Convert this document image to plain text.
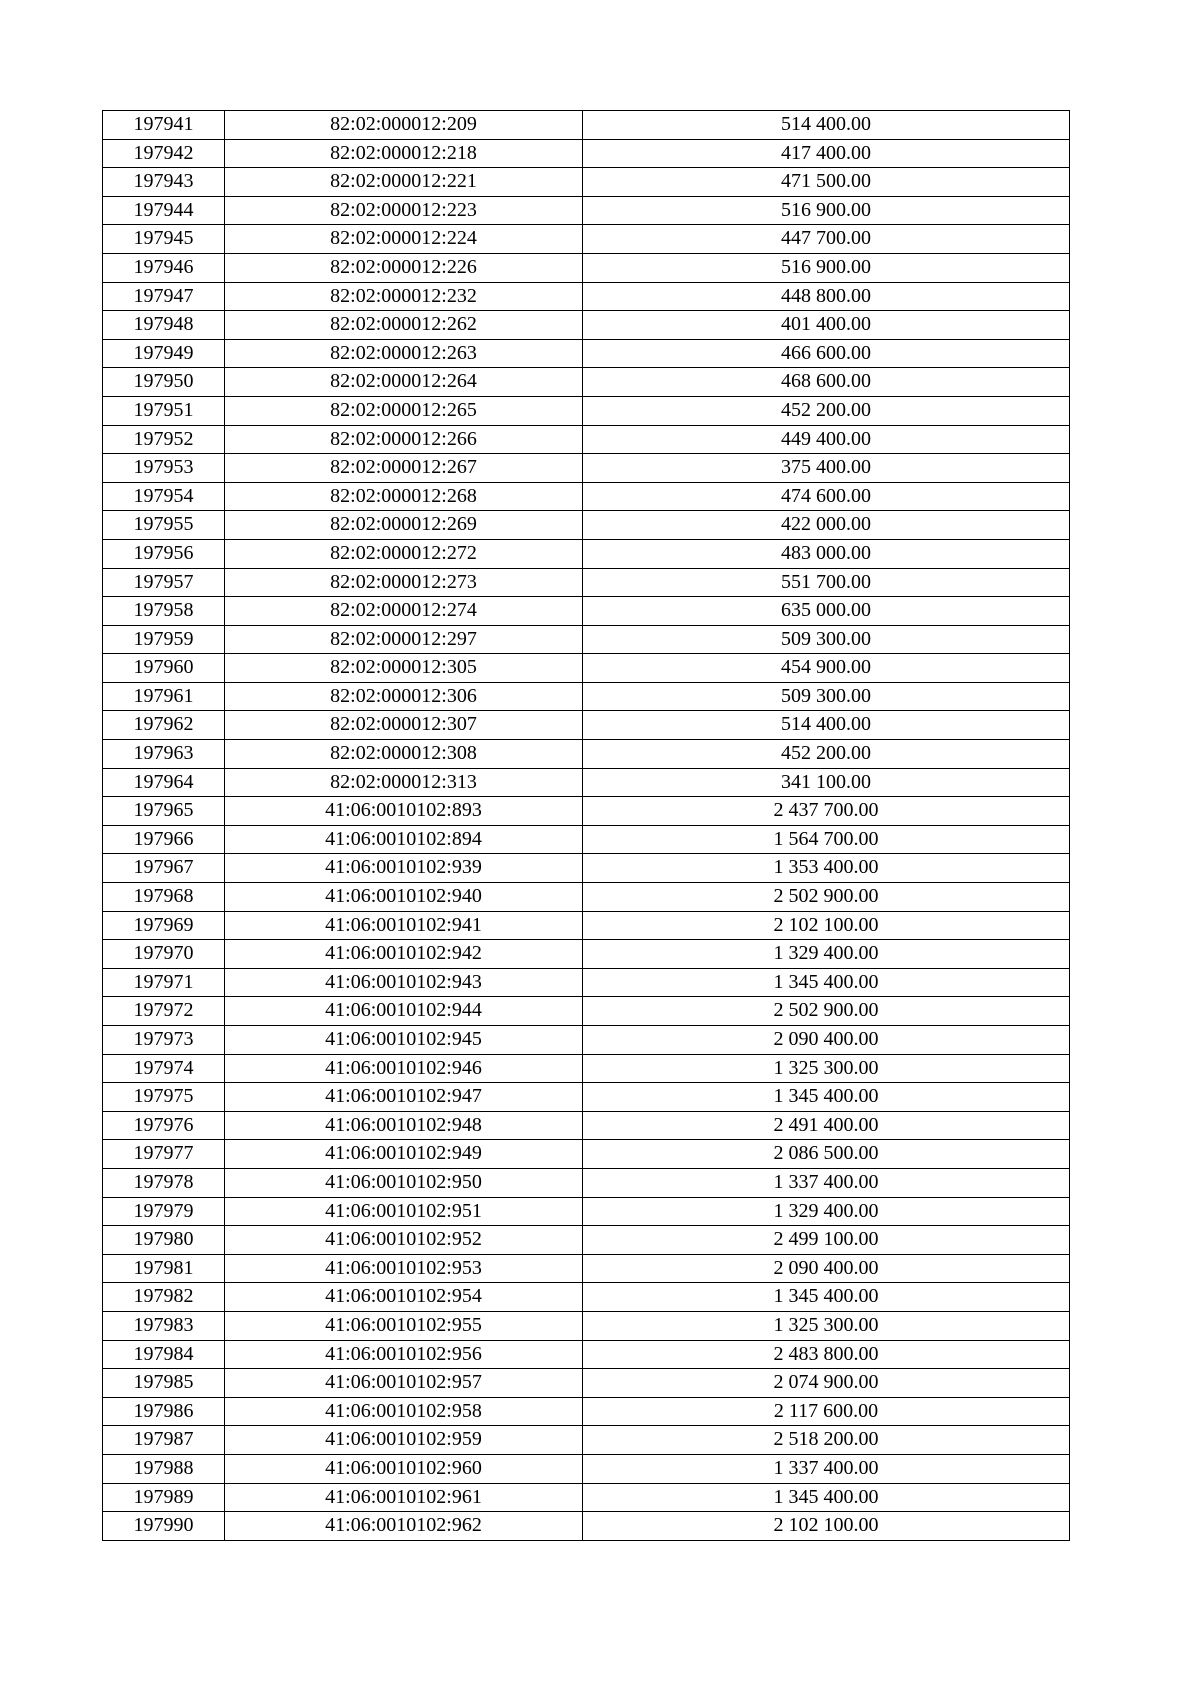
197941	82:02:000012:209	514 400.00
197942	82:02:000012:218	417 400.00
197943	82:02:000012:221	471 500.00
197944	82:02:000012:223	516 900.00
197945	82:02:000012:224	447 700.00
197946	82:02:000012:226	516 900.00
197947	82:02:000012:232	448 800.00
197948	82:02:000012:262	401 400.00
197949	82:02:000012:263	466 600.00
197950	82:02:000012:264	468 600.00
197951	82:02:000012:265	452 200.00
197952	82:02:000012:266	449 400.00
197953	82:02:000012:267	375 400.00
197954	82:02:000012:268	474 600.00
197955	82:02:000012:269	422 000.00
197956	82:02:000012:272	483 000.00
197957	82:02:000012:273	551 700.00
197958	82:02:000012:274	635 000.00
197959	82:02:000012:297	509 300.00
197960	82:02:000012:305	454 900.00
197961	82:02:000012:306	509 300.00
197962	82:02:000012:307	514 400.00
197963	82:02:000012:308	452 200.00
197964	82:02:000012:313	341 100.00
197965	41:06:0010102:893	2 437 700.00
197966	41:06:0010102:894	1 564 700.00
197967	41:06:0010102:939	1 353 400.00
197968	41:06:0010102:940	2 502 900.00
197969	41:06:0010102:941	2 102 100.00
197970	41:06:0010102:942	1 329 400.00
197971	41:06:0010102:943	1 345 400.00
197972	41:06:0010102:944	2 502 900.00
197973	41:06:0010102:945	2 090 400.00
197974	41:06:0010102:946	1 325 300.00
197975	41:06:0010102:947	1 345 400.00
197976	41:06:0010102:948	2 491 400.00
197977	41:06:0010102:949	2 086 500.00
197978	41:06:0010102:950	1 337 400.00
197979	41:06:0010102:951	1 329 400.00
197980	41:06:0010102:952	2 499 100.00
197981	41:06:0010102:953	2 090 400.00
197982	41:06:0010102:954	1 345 400.00
197983	41:06:0010102:955	1 325 300.00
197984	41:06:0010102:956	2 483 800.00
197985	41:06:0010102:957	2 074 900.00
197986	41:06:0010102:958	2 117 600.00
197987	41:06:0010102:959	2 518 200.00
197988	41:06:0010102:960	1 337 400.00
197989	41:06:0010102:961	1 345 400.00
197990	41:06:0010102:962	2 102 100.00
